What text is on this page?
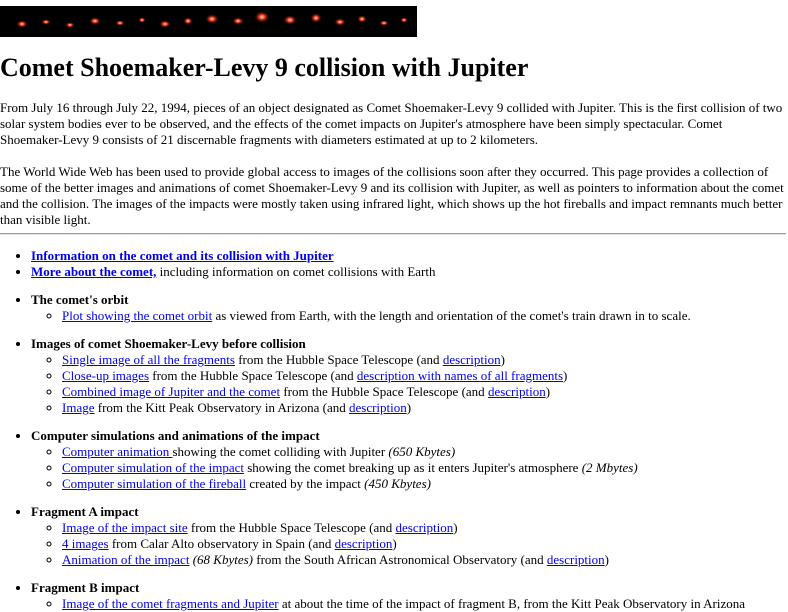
Comet Shoemaker-Levy 9 collision with Jupiter

From July 16 through July 22, 1994, pieces of an object designated as Comet Shoemaker-Levy 9 collided with Jupiter. This is the first collision of two solar system bodies ever to be observed, and the effects of the comet impacts on Jupiter's atmosphere have been simply spectacular. Comet Shoemaker-Levy 9 consists of 21 discernable fragments with diameters estimated at up to 2 kilometers.

The World Wide Web has been used to provide global access to images of the collisions soon after they occurred. This page provides a collection of some of the better images and animations of comet Shoemaker-Levy 9 and its collision with Jupiter, as well as pointers to information about the comet and the collision. The images of the impacts were mostly taken using infrared light, which shows up the hot fireballs and impact remnants much better than visible light.

• Information on the comet and its collision with Jupiter
• More about the comet, including information on comet collisions with Earth
• The comet's orbit
◦ Plot showing the comet orbit as viewed from Earth, with the length and orientation of the comet's train drawn in to scale.
• Images of comet Shoemaker-Levy before collision
◦ Single image of all the fragments from the Hubble Space Telescope (and description)
◦ Close-up images from the Hubble Space Telescope (and description with names of all fragments)
◦ Combined image of Jupiter and the comet from the Hubble Space Telescope (and description)
◦ Image from the Kitt Peak Observatory in Arizona (and description)
• Computer simulations and animations of the impact
◦ Computer animation showing the comet colliding with Jupiter (650 Kbytes)
◦ Computer simulation of the impact showing the comet breaking up as it enters Jupiter's atmosphere (2 Mbytes)
◦ Computer simulation of the fireball created by the impact (450 Kbytes)
• Fragment A impact
◦ Image of the impact site from the Hubble Space Telescope (and description)
◦ 4 images from Calar Alto observatory in Spain (and description)
◦ Animation of the impact (68 Kbytes) from the South African Astronomical Observatory (and description)
• Fragment B impact
◦ Image of the comet fragments and Jupiter at about the time of the impact of fragment B, from the Kitt Peak Observatory in Arizona
